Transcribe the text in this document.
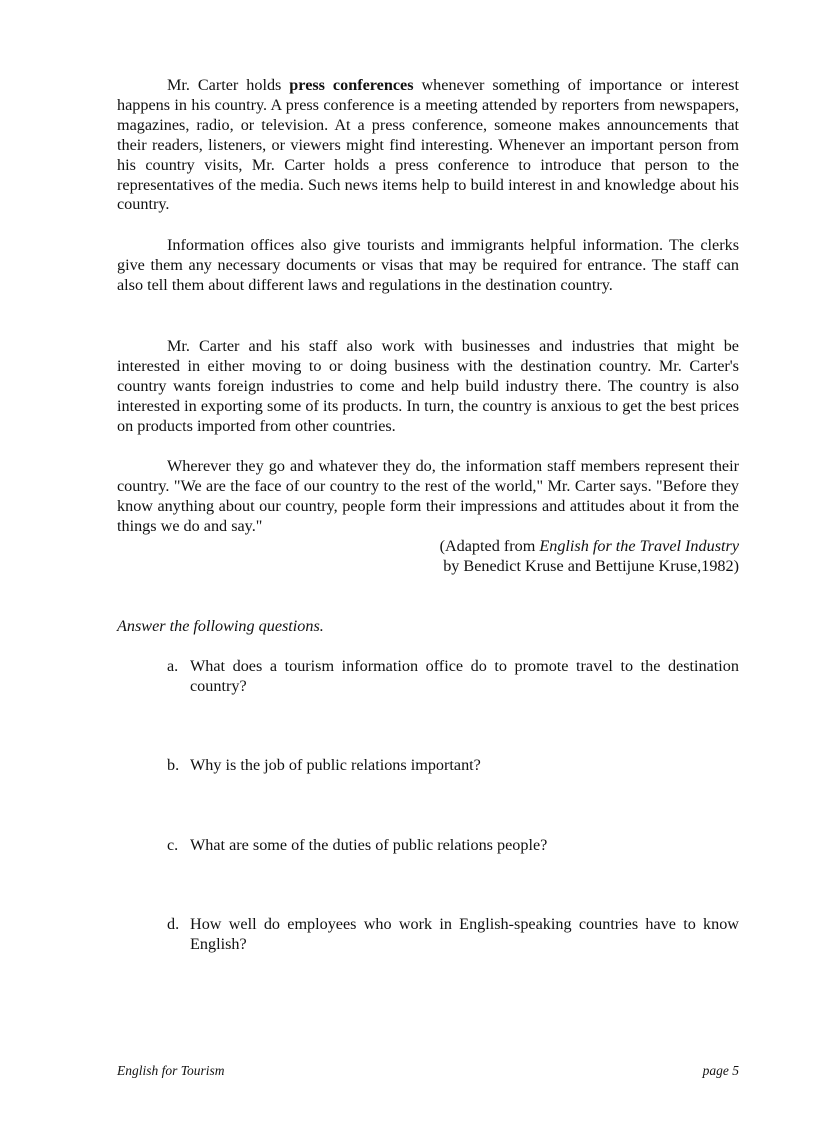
Mr. Carter holds press conferences whenever something of importance or interest happens in his country. A press conference is a meeting attended by reporters from newspapers, magazines, radio, or television. At a press conference, someone makes announcements that their readers, listeners, or viewers might find interesting. Whenever an important person from his country visits, Mr. Carter holds a press conference to introduce that person to the representatives of the media. Such news items help to build interest in and knowledge about his country.

Information offices also give tourists and immigrants helpful information. The clerks give them any necessary documents or visas that may be required for entrance. The staff can also tell them about different laws and regulations in the destination country.

Mr. Carter and his staff also work with businesses and industries that might be interested in either moving to or doing business with the destination country. Mr. Carter's country wants foreign industries to come and help build industry there. The country is also interested in exporting some of its products. In turn, the country is anxious to get the best prices on products imported from other countries.

Wherever they go and whatever they do, the information staff members represent their country. "We are the face of our country to the rest of the world," Mr. Carter says. "Before they know anything about our country, people form their impressions and attitudes about it from the things we do and say."

(Adapted from English for the Travel Industry
by Benedict Kruse and Bettijune Kruse,1982)
Answer the following questions.
a. What does a tourism information office do to promote travel to the destination country?
b. Why is the job of public relations important?
c. What are some of the duties of public relations people?
d. How well do employees who work in English-speaking countries have to know English?
English for Tourism	page 5
